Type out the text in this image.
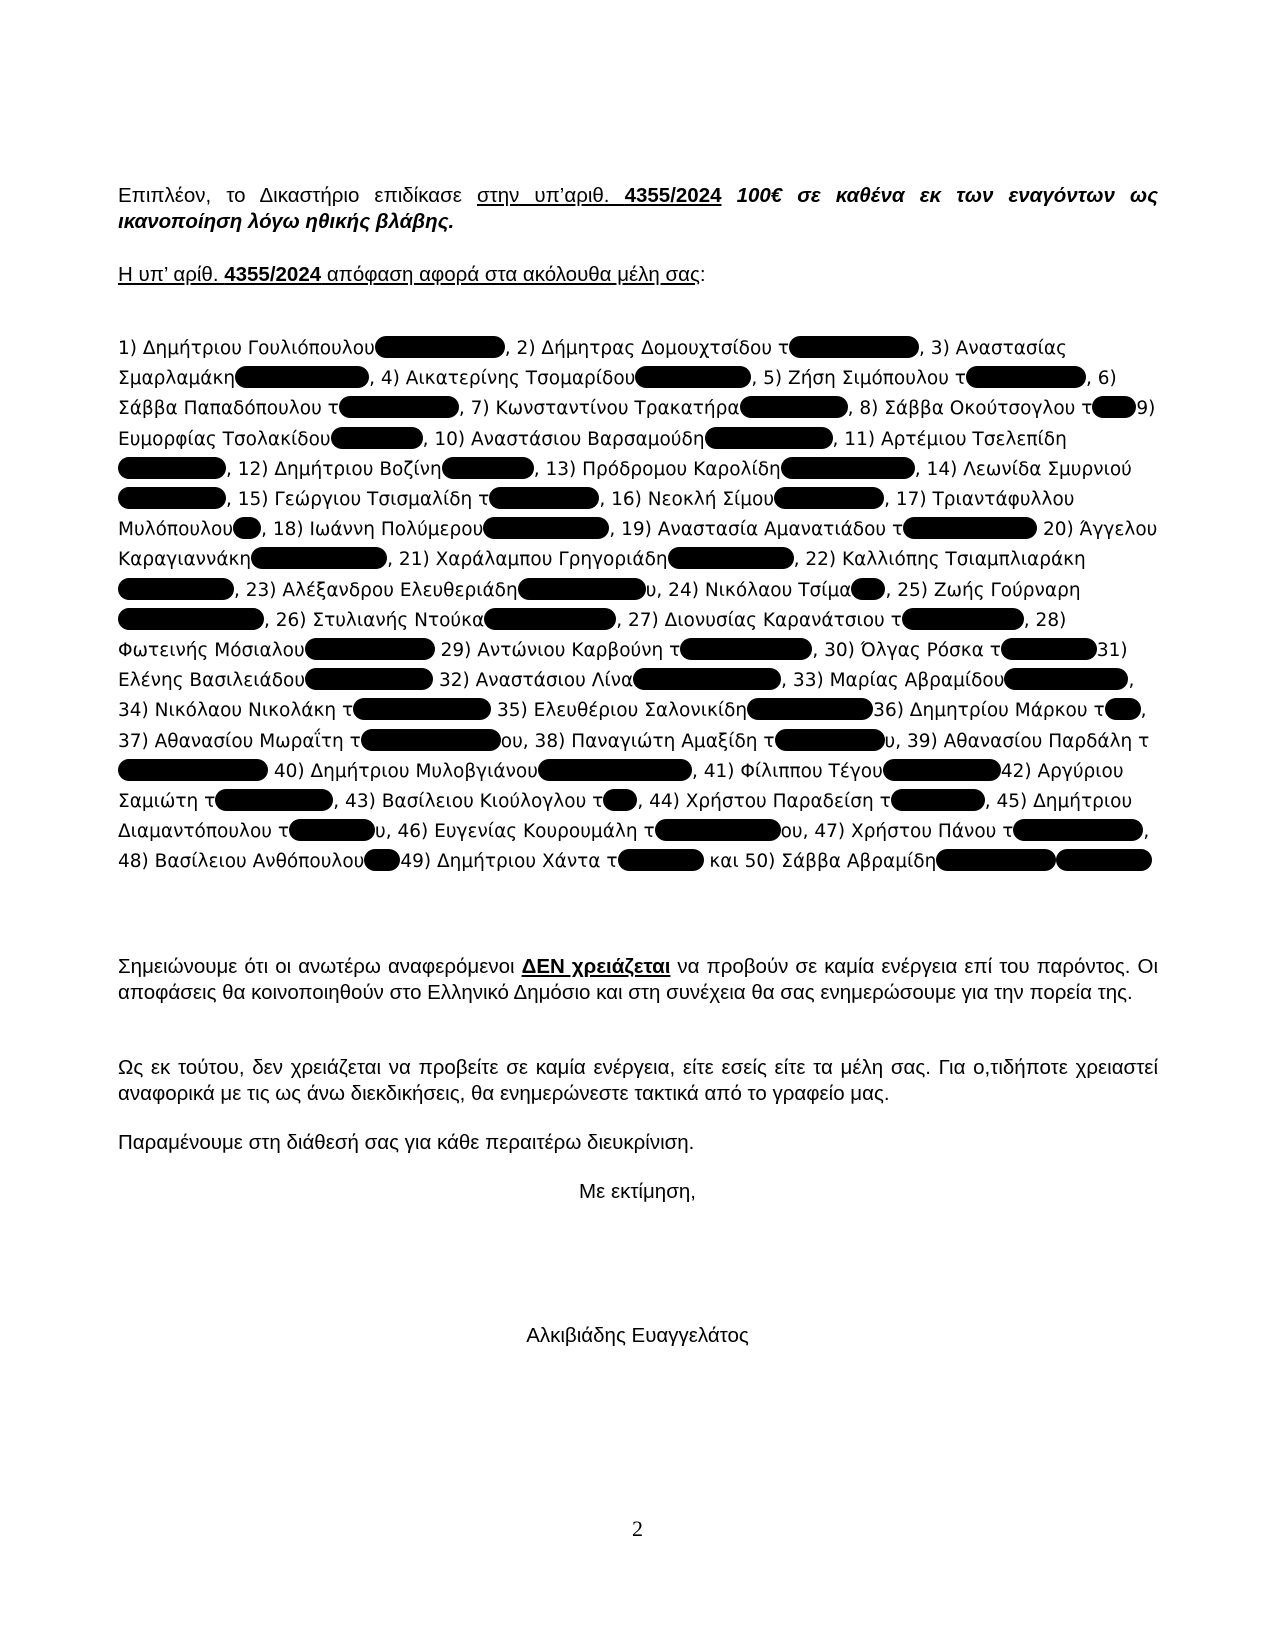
Επιπλέον, το Δικαστήριο επιδίκασε στην υπ’αριθ. 4355/2024 100€ σε καθένα εκ των εναγόντων ως ικανοποίηση λόγω ηθικής βλάβης.
Η υπ’ αρίθ. 4355/2024 απόφαση αφορά στα ακόλουθα μέλη σας:
1) Δημήτριου Γουλιόπουλου	, 2) Δήμητρας Δομουχτσίδου τ	, 3) Αναστασίας Σμαρλαμάκη	, 4) Αικατερίνης Τσομαρίδου	, 5) Ζήση Σιμόπουλου τ	, 6) Σάββα Παπαδόπουλου τ	, 7) Κωνσταντίνου Τρακατήρα	, 8) Σάββα Οκούτσογλου τ 9) Ευμορφίας Τσολακίδου	, 10) Αναστάσιου Βαρσαμούδη	, 11) Αρτέμιου Τσελεπίδη, 12) Δημήτριου Βοζίνη	, 13) Πρόδρομου Καρολίδη	, 14) Λεωνίδα Σμυρνιού, 15) Γεώργιου Τσισμαλίδη τ	, 16) Νεοκλή Σίμου	, 17) Τριαντάφυλλου Μυλόπουλου , 18) Ιωάννη Πολύμερου	, 19) Αναστασία Αμανατιάδου τ	20) Άγγελου Καραγιαννάκη	, 21) Χαράλαμπου Γρηγοριάδη	, 22) Καλλιόπης Τσιαμπλιαράκη, 23) Αλέξανδρου Ελευθεριάδη	υ, 24) Νικόλαου Τσίμα , 25) Ζωής Γούρναρη, 26) Στυλιανής Ντούκα	, 27) Διονυσίας Καρανάτσιου τ	, 28) Φωτεινής Μόσιαλου	29) Αντώνιου Καρβούνη τ	, 30) Όλγας Ρόσκα τ	31) Ελένης Βασιλειάδου	32) Αναστάσιου Λίνα	, 33) Μαρίας Αβραμίδου	, 34) Νικόλαου Νικολάκη τ	35) Ελευθέριου Σαλονικίδη	36) Δημητρίου Μάρκου τ , 37) Αθανασίου Μωραΐτη τ	ου, 38) Παναγιώτη Αμαξίδη τ	υ, 39) Αθανασίου Παρδάλη τ 40) Δημήτριου Μυλοβγιάνου	, 41) Φίλιππου Τέγου	42) Αργύριου Σαμιώτη τ	, 43) Βασίλειου Κιούλογλου τ , 44) Χρήστου Παραδείση τ	, 45) Δημήτριου Διαμαντόπουλου τ	υ, 46) Ευγενίας Κουρουμάλη τ	ου, 47) Χρήστου Πάνου τ	, 48) Βασίλειου Ανθόπουλου 49) Δημήτριου Χάντα τ	και 50) Σάββα Αβραμίδη
Σημειώνουμε ότι οι ανωτέρω αναφερόμενοι ΔΕΝ χρειάζεται να προβούν σε καμία ενέργεια επί του παρόντος. Οι αποφάσεις θα κοινοποιηθούν στο Ελληνικό Δημόσιο και στη συνέχεια θα σας ενημερώσουμε για την πορεία της.
Ως εκ τούτου, δεν χρειάζεται να προβείτε σε καμία ενέργεια, είτε εσείς είτε τα μέλη σας. Για ο,τιδήποτε χρειαστεί αναφορικά με τις ως άνω διεκδικήσεις, θα ενημερώνεστε τακτικά από το γραφείο μας.
Παραμένουμε στη διάθεσή σας για κάθε περαιτέρω διευκρίνιση.
Με εκτίμηση,
Αλκιβιάδης Ευαγγελάτος
2
